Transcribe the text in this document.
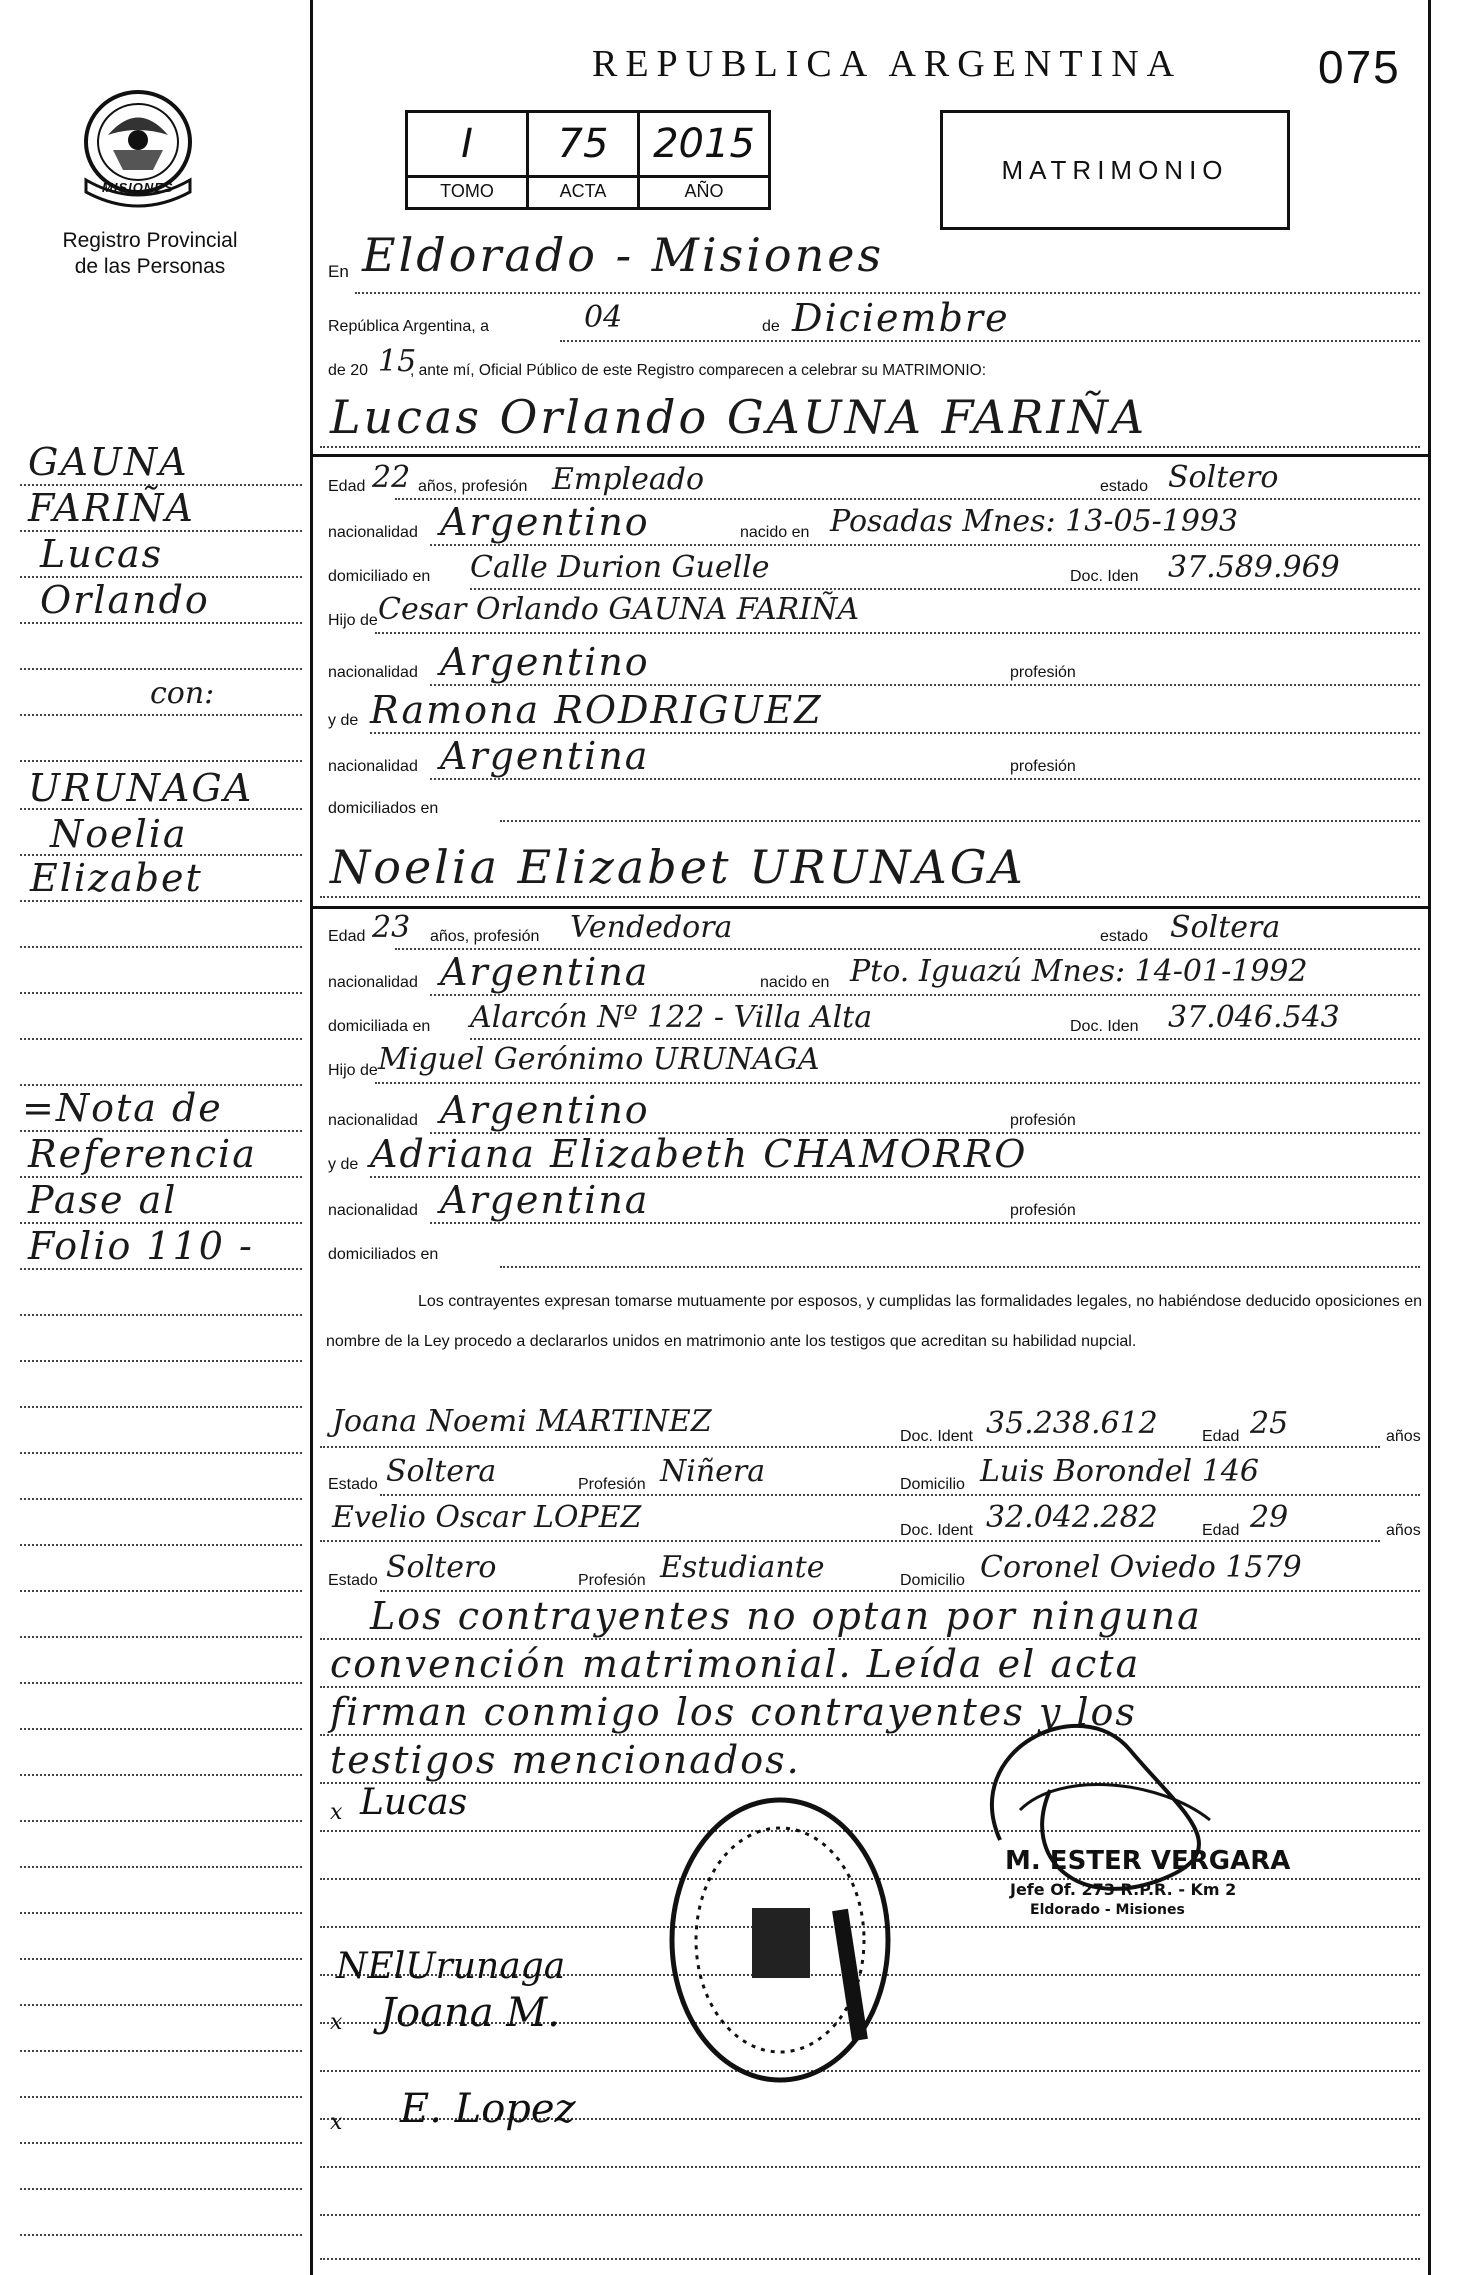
MISIONES
Registro Provincial
de las Personas
REPUBLICA ARGENTINA	075
I
TOMO
75
ACTA
2015
AÑO
MATRIMONIO
En Eldorado - Misiones
República Argentina, a	04	de Diciembre
de 20 15
, ante mí, Oficial Público de este Registro comparecen a celebrar su MATRIMONIO:
Lucas Orlando GAUNA FARIÑA
Edad 22 años, profesión Empleado	estado Soltero
nacionalidad Argentino	nacido en Posadas Mnes: 13-05-1993
domiciliado en Calle Durion Guelle	Doc. Iden 37.589.969
Hijo de Cesar Orlando GAUNA FARIÑA
nacionalidad Argentino	profesión
y de Ramona RODRIGUEZ
nacionalidad Argentina	profesión
domiciliados en
Noelia Elizabet URUNAGA
Edad 23 años, profesión Vendedora	estado Soltera
nacionalidad Argentina	nacido en Pto. Iguazú Mnes: 14-01-1992
domiciliada en Alarcón Nº 122 - Villa Alta	Doc. Iden 37.046.543
Hijo de Miguel Gerónimo URUNAGA
nacionalidad Argentino	profesión
y de Adriana Elizabeth CHAMORRO
nacionalidad Argentina	profesión
domiciliados en
Los contrayentes expresan tomarse mutuamente por esposos, y cumplidas las formalidades legales, no habiéndose deducido oposiciones en nombre de la Ley procedo a declararlos unidos en matrimonio ante los testigos que acreditan su habilidad nupcial.
Joana Noemi MARTINEZ	Doc. Ident 35.238.612	Edad 25	años
Estado Soltera	Profesión Niñera	Domicilio Luis Borondel 146
Evelio Oscar LOPEZ	Doc. Ident 32.042.282	Edad 29	años
Estado Soltero	Profesión Estudiante	Domicilio Coronel Oviedo 1579
Los contrayentes no optan por ninguna
convención matrimonial. Leída el acta
firman conmigo los contrayentes y los
testigos mencionados.
x Lucas
NElUrunaga
x Joana M.
x E. Lopez
M. ESTER VERGARA
Jefe Of. 273 R.P.R. - Km 2
Eldorado - Misiones
GAUNA
FARIÑA
Lucas
Orlando
con:
URUNAGA
Noelia
Elizabet
=Nota de
Referencia
Pase al
Folio 110 -
